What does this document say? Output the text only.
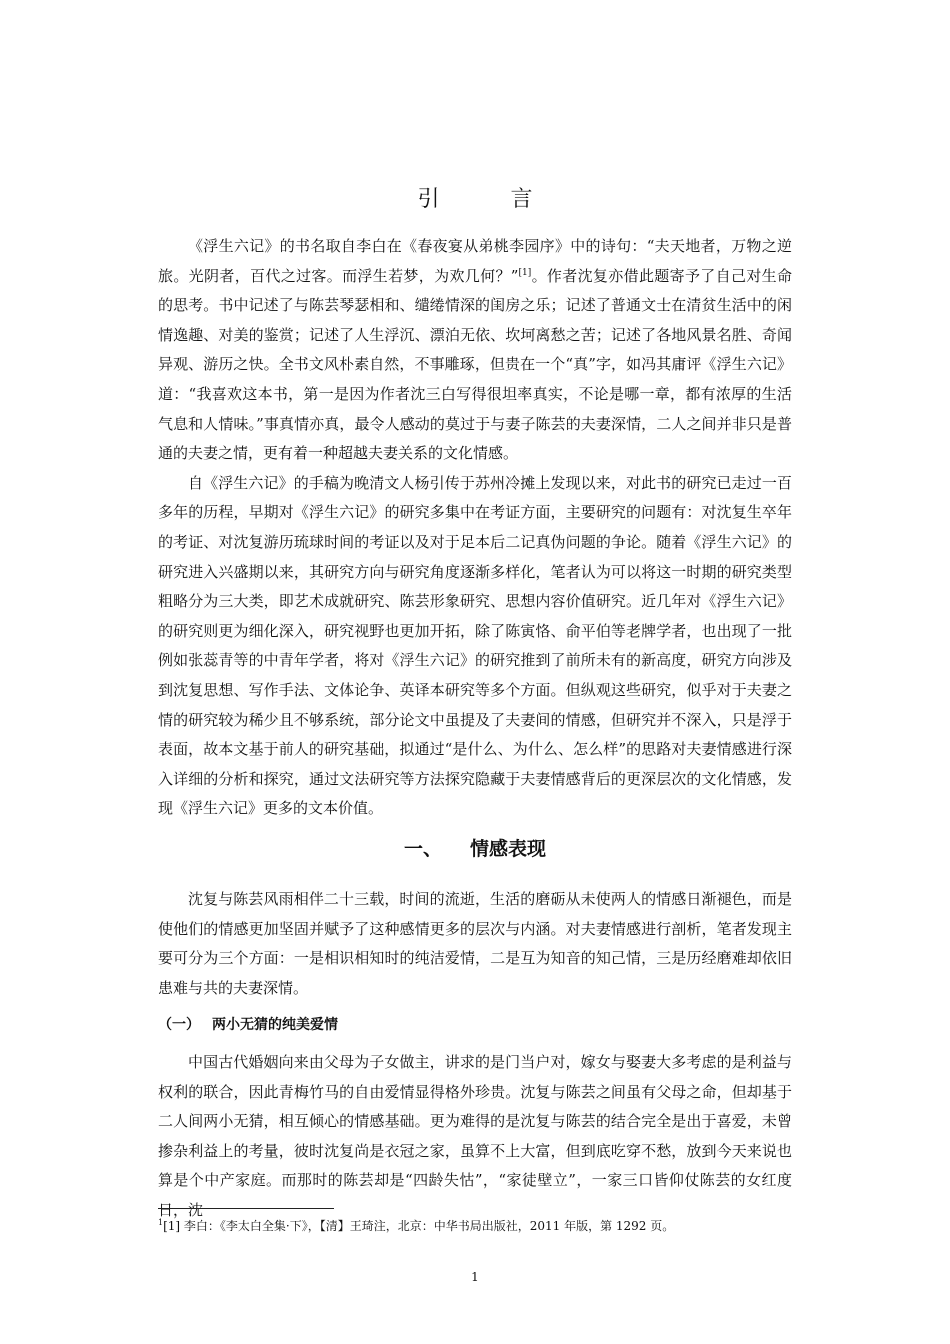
引 言

《浮生六记》的书名取自李白在《春夜宴从弟桃李园序》中的诗句：“夫天地者，万物之逆旅。光阴者，百代之过客。而浮生若梦，为欢几何？”[1]。作者沈复亦借此题寄予了自己对生命的思考。书中记述了与陈芸琴瑟相和、缱绻情深的闺房之乐；记述了普通文士在清贫生活中的闲情逸趣、对美的鉴赏；记述了人生浮沉、漂泊无依、坎坷离愁之苦；记述了各地风景名胜、奇闻异观、游历之快。全书文风朴素自然，不事雕琢，但贵在一个“真”字，如冯其庸评《浮生六记》道：“我喜欢这本书，第一是因为作者沈三白写得很坦率真实，不论是哪一章，都有浓厚的生活气息和人情味。”事真情亦真，最令人感动的莫过于与妻子陈芸的夫妻深情，二人之间并非只是普通的夫妻之情，更有着一种超越夫妻关系的文化情感。

自《浮生六记》的手稿为晚清文人杨引传于苏州冷摊上发现以来，对此书的研究已走过一百多年的历程，早期对《浮生六记》的研究多集中在考证方面，主要研究的问题有：对沈复生卒年的考证、对沈复游历琉球时间的考证以及对于足本后二记真伪问题的争论。随着《浮生六记》的研究进入兴盛期以来，其研究方向与研究角度逐渐多样化，笔者认为可以将这一时期的研究类型粗略分为三大类，即艺术成就研究、陈芸形象研究、思想内容价值研究。近几年对《浮生六记》的研究则更为细化深入，研究视野也更加开拓，除了陈寅恪、俞平伯等老牌学者，也出现了一批例如张蕊青等的中青年学者，将对《浮生六记》的研究推到了前所未有的新高度，研究方向涉及到沈复思想、写作手法、文体论争、英译本研究等多个方面。但纵观这些研究，似乎对于夫妻之情的研究较为稀少且不够系统，部分论文中虽提及了夫妻间的情感，但研究并不深入，只是浮于表面，故本文基于前人的研究基础，拟通过“是什么、为什么、怎么样”的思路对夫妻情感进行深入详细的分析和探究，通过文法研究等方法探究隐藏于夫妻情感背后的更深层次的文化情感，发现《浮生六记》更多的文本价值。

一、 情感表现

沈复与陈芸风雨相伴二十三载，时间的流逝，生活的磨砺从未使两人的情感日渐褪色，而是使他们的情感更加坚固并赋予了这种感情更多的层次与内涵。对夫妻情感进行剖析，笔者发现主要可分为三个方面：一是相识相知时的纯洁爱情，二是互为知音的知己情，三是历经磨难却依旧患难与共的夫妻深情。

（一） 两小无猜的纯美爱情

中国古代婚姻向来由父母为子女做主，讲求的是门当户对，嫁女与娶妻大多考虑的是利益与权利的联合，因此青梅竹马的自由爱情显得格外珍贵。沈复与陈芸之间虽有父母之命，但却基于二人间两小无猜，相互倾心的情感基础。更为难得的是沈复与陈芸的结合完全是出于喜爱，未曾掺杂利益上的考量，彼时沈复尚是衣冠之家，虽算不上大富，但到底吃穿不愁，放到今天来说也算是个中产家庭。而那时的陈芸却是“四龄失怙”，“家徒壁立”，一家三口皆仰仗陈芸的女红度日，沈

$^1$[1] 李白：《李太白全集·下》，【清】王琦注，北京：中华书局出版社，2011 年版，第 1292 页。
1
